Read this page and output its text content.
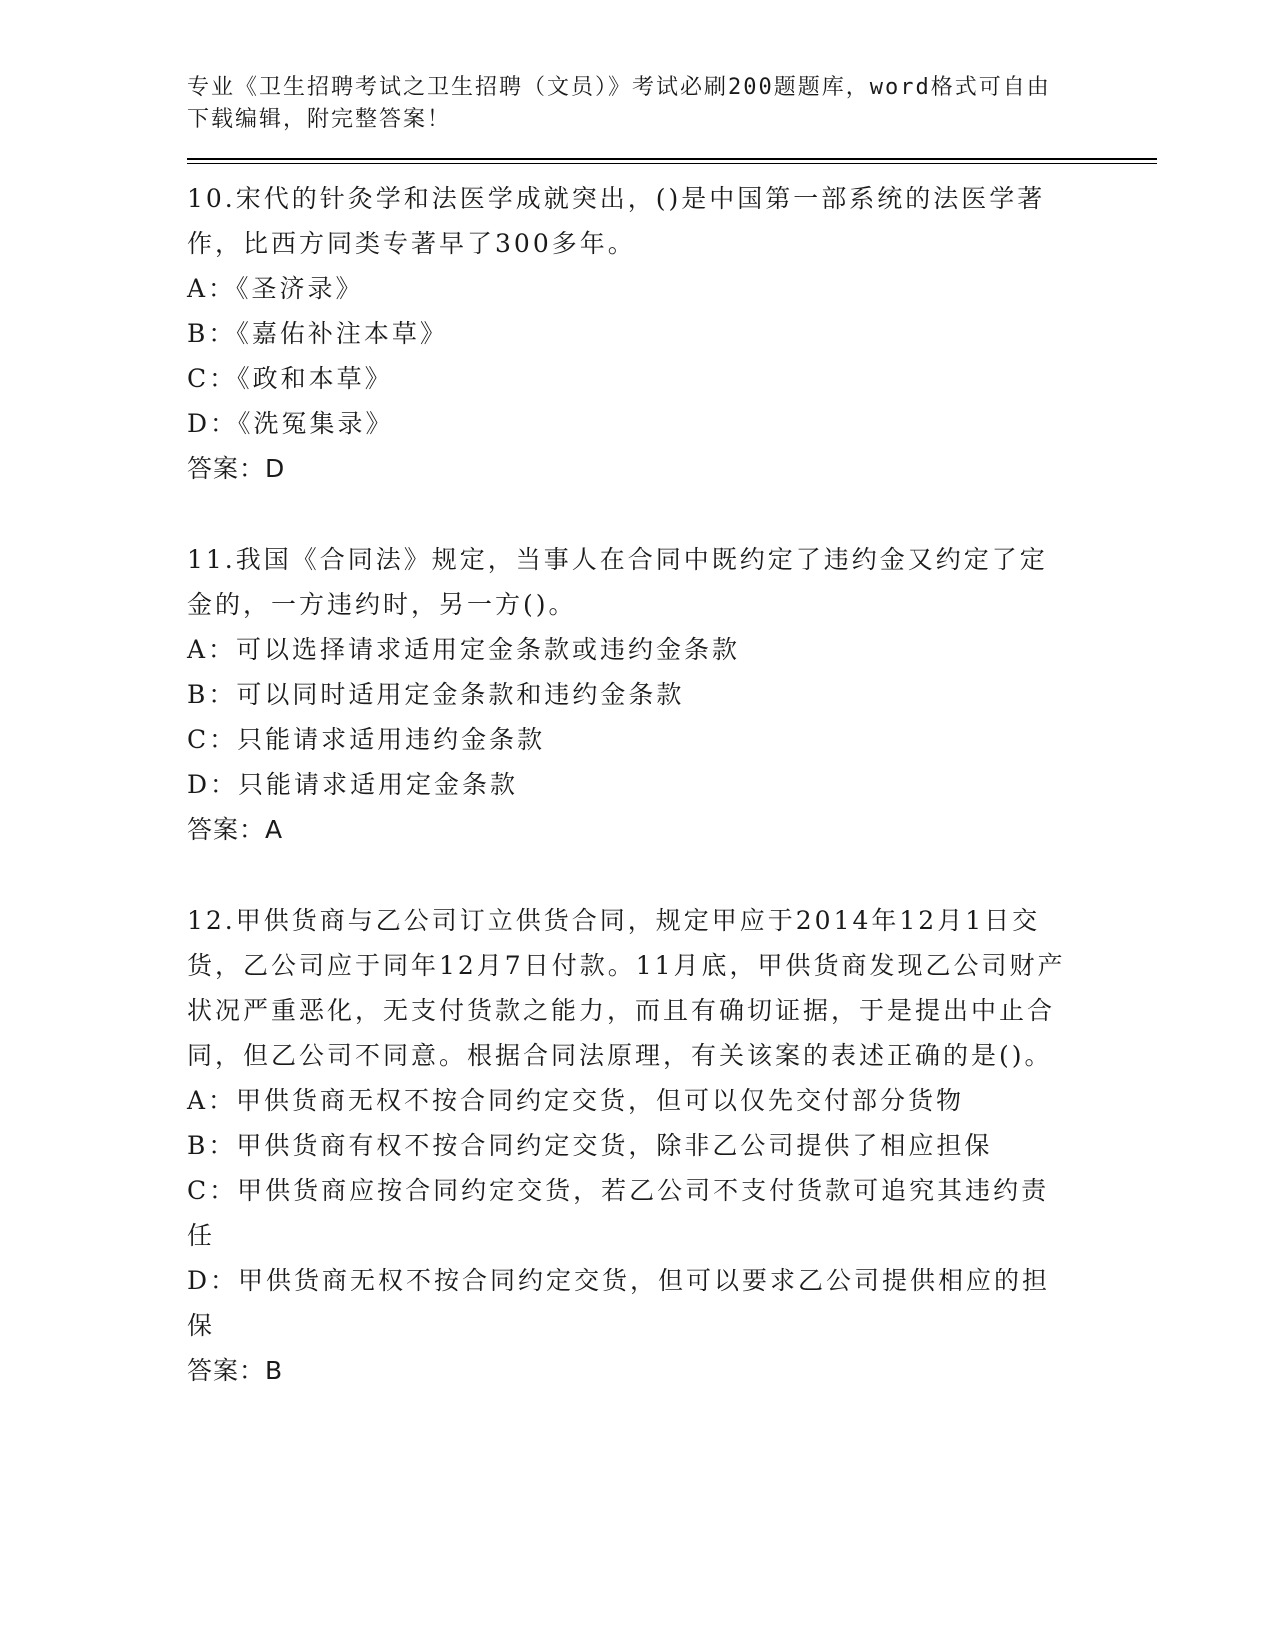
专业《卫生招聘考试之卫生招聘（文员）》考试必刷200题题库，word格式可自由下载编辑，附完整答案！

10.宋代的针灸学和法医学成就突出，()是中国第一部系统的法医学著作，比西方同类专著早了300多年。

A：《圣济录》

B：《嘉佑补注本草》

C：《政和本草》

D：《洗冤集录》

答案：D

11.我国《合同法》规定，当事人在合同中既约定了违约金又约定了定金的，一方违约时，另一方()。

A：可以选择请求适用定金条款或违约金条款

B：可以同时适用定金条款和违约金条款

C：只能请求适用违约金条款

D：只能请求适用定金条款

答案：A

12.甲供货商与乙公司订立供货合同，规定甲应于2014年12月1日交货，乙公司应于同年12月7日付款。11月底，甲供货商发现乙公司财产状况严重恶化，无支付货款之能力，而且有确切证据，于是提出中止合同，但乙公司不同意。根据合同法原理，有关该案的表述正确的是()。

A：甲供货商无权不按合同约定交货，但可以仅先交付部分货物

B：甲供货商有权不按合同约定交货，除非乙公司提供了相应担保

C：甲供货商应按合同约定交货，若乙公司不支付货款可追究其违约责任

D：甲供货商无权不按合同约定交货，但可以要求乙公司提供相应的担保

答案：B
